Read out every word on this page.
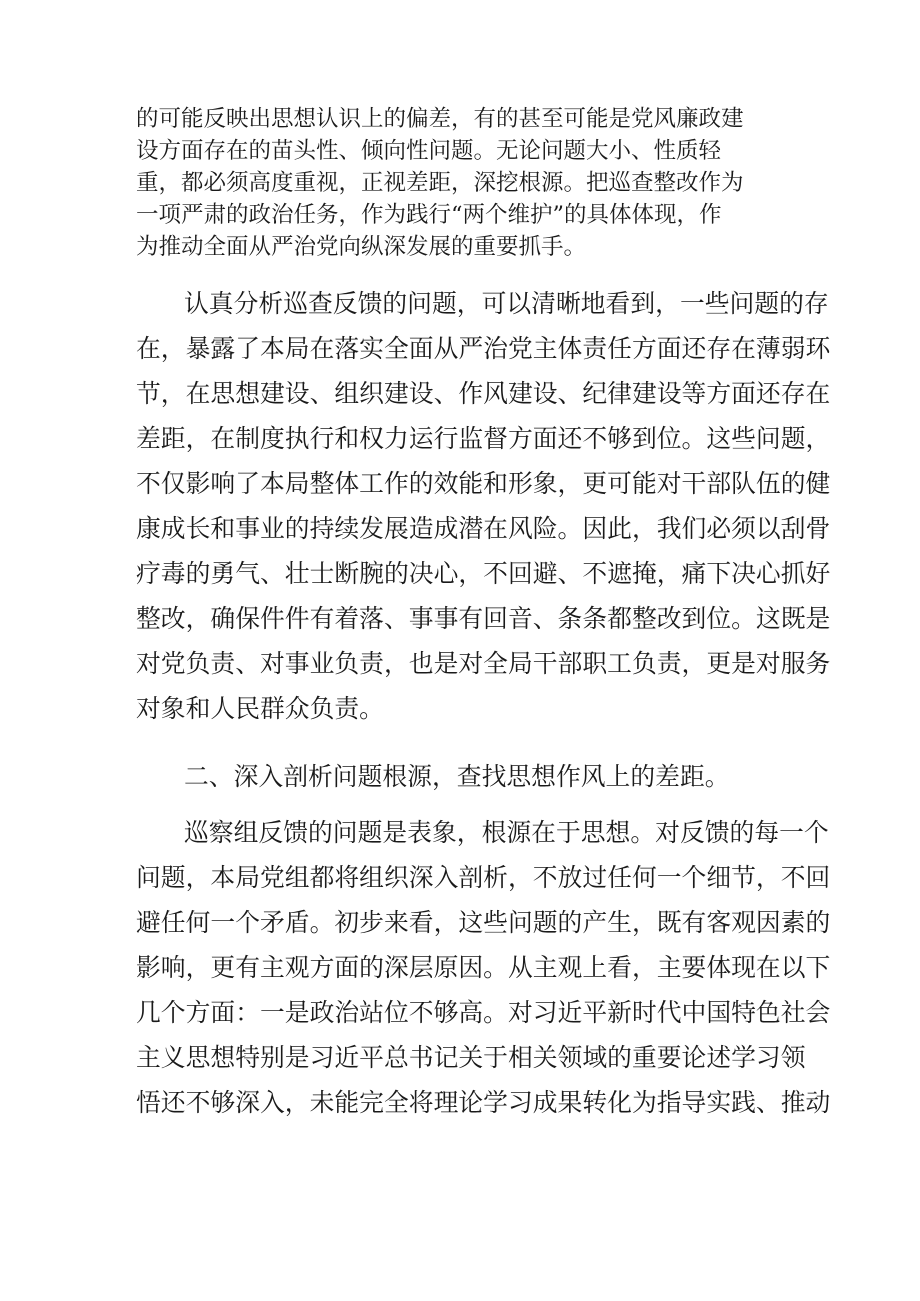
的可能反映出思想认识上的偏差，有的甚至可能是党风廉政建
设方面存在的苗头性、倾向性问题。无论问题大小、性质轻
重，都必须高度重视，正视差距，深挖根源。把巡查整改作为
一项严肃的政治任务，作为践行“两个维护”的具体体现，作
为推动全面从严治党向纵深发展的重要抓手。
认真分析巡查反馈的问题，可以清晰地看到，一些问题的存
在，暴露了本局在落实全面从严治党主体责任方面还存在薄弱环
节，在思想建设、组织建设、作风建设、纪律建设等方面还存在
差距，在制度执行和权力运行监督方面还不够到位。这些问题，
不仅影响了本局整体工作的效能和形象，更可能对干部队伍的健
康成长和事业的持续发展造成潜在风险。因此，我们必须以刮骨
疗毒的勇气、壮士断腕的决心，不回避、不遮掩，痛下决心抓好
整改，确保件件有着落、事事有回音、条条都整改到位。这既是
对党负责、对事业负责，也是对全局干部职工负责，更是对服务
对象和人民群众负责。
二、深入剖析问题根源，查找思想作风上的差距。
巡察组反馈的问题是表象，根源在于思想。对反馈的每一个
问题，本局党组都将组织深入剖析，不放过任何一个细节，不回
避任何一个矛盾。初步来看，这些问题的产生，既有客观因素的
影响，更有主观方面的深层原因。从主观上看，主要体现在以下
几个方面：一是政治站位不够高。对习近平新时代中国特色社会
主义思想特别是习近平总书记关于相关领域的重要论述学习领
悟还不够深入，未能完全将理论学习成果转化为指导实践、推动
